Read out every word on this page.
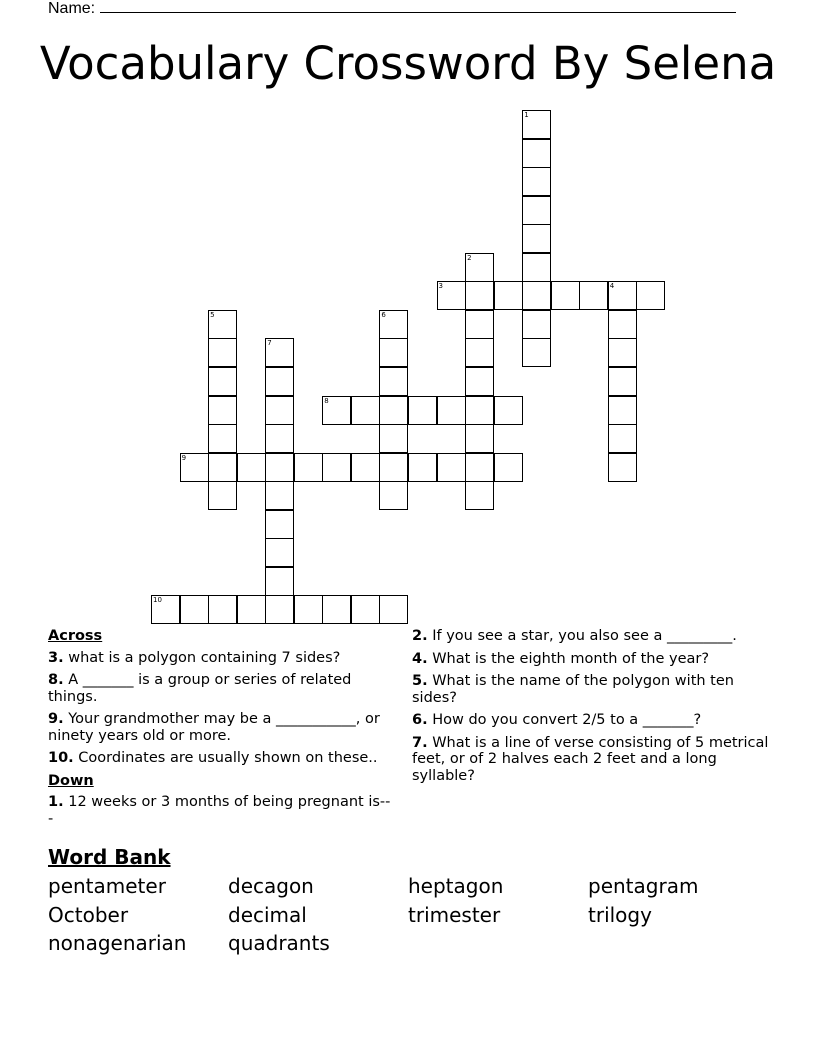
Name:
Vocabulary Crossword By Selena
1
2
3	4
5	6
7
8
9
10
Across
3. what is a polygon containing 7 sides?
8. A _______ is a group or series of related things.
9. Your grandmother may be a ___________, or ninety years old or more.
10. Coordinates are usually shown on these..
Down
1. 12 weeks or 3 months of being pregnant is---
2. If you see a star, you also see a _________.
4. What is the eighth month of the year?
5. What is the name of the polygon with ten sides?
6. How do you convert 2/5 to a _______?
7. What is a line of verse consisting of 5 metrical feet, or of 2 halves each 2 feet and a long syllable?
Word Bank
pentameter	decagon	heptagon	pentagram
October	decimal	trimester	trilogy
nonagenarian	quadrants
